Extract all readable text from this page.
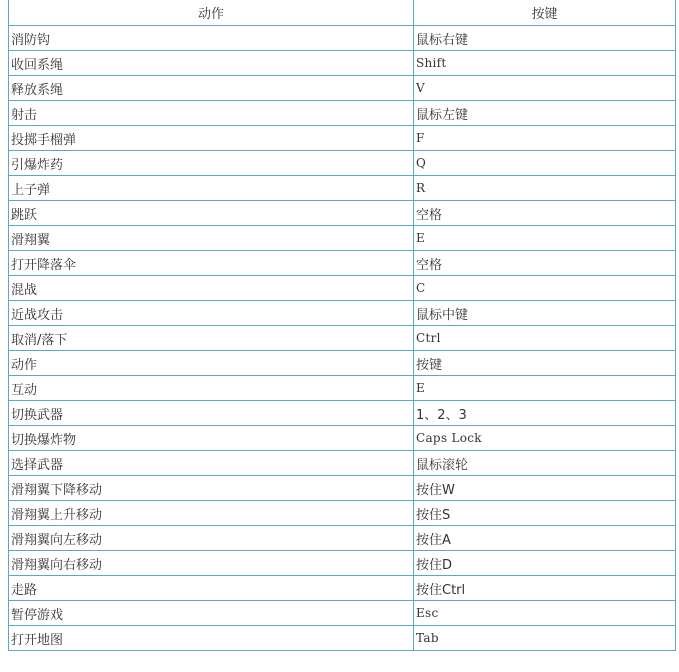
动作	按键
消防钩	鼠标右键
收回系绳	Shift
释放系绳	V
射击	鼠标左键
投掷手榴弹	F
引爆炸药	Q
上子弹	R
跳跃	空格
滑翔翼	E
打开降落伞	空格
混战	C
近战攻击	鼠标中键
取消/落下	Ctrl
动作	按键
互动	E
切换武器	1、2、3
切换爆炸物	Caps Lock
选择武器	鼠标滚轮
滑翔翼下降移动	按住W
滑翔翼上升移动	按住S
滑翔翼向左移动	按住A
滑翔翼向右移动	按住D
走路	按住Ctrl
暂停游戏	Esc
打开地图	Tab
